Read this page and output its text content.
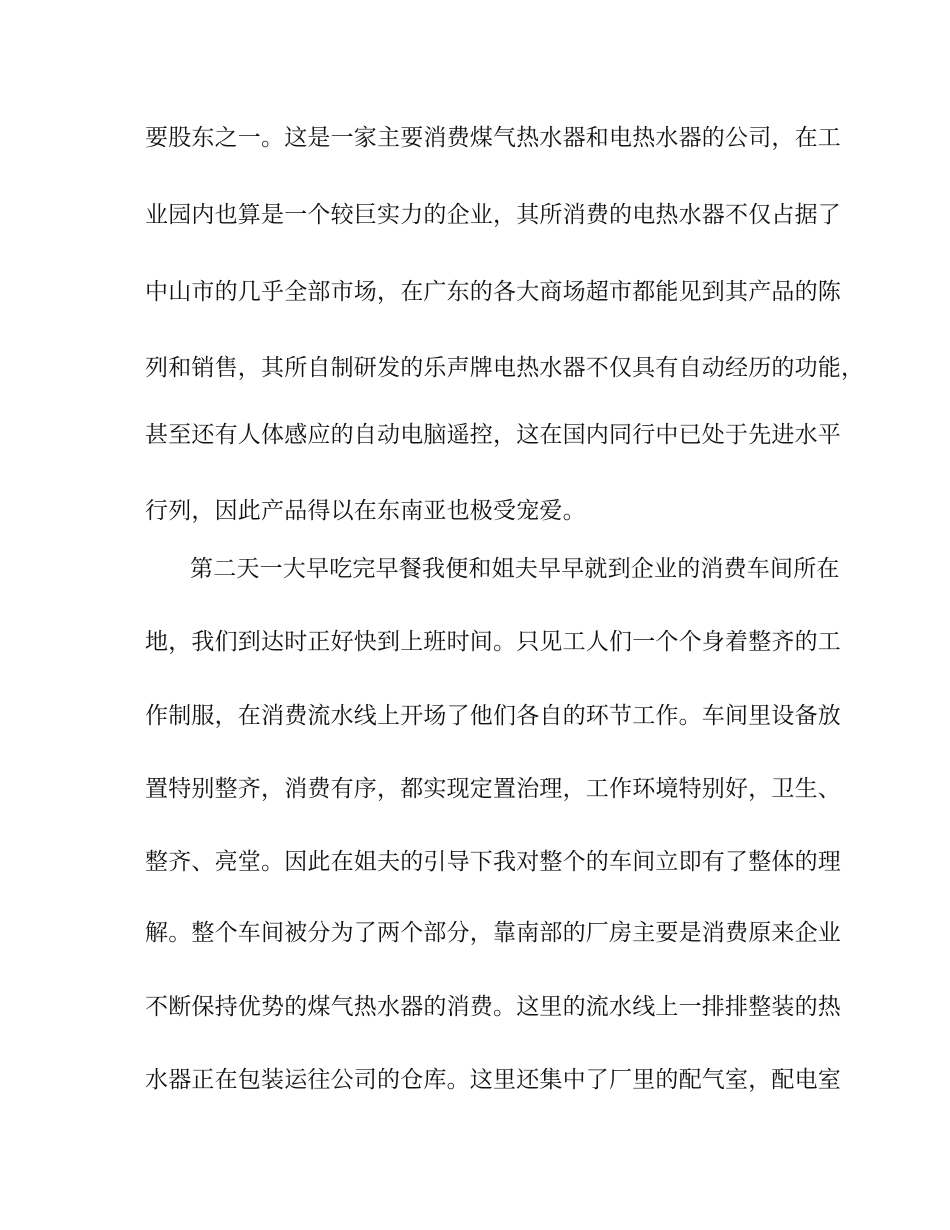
要股东之一。这是一家主要消费煤气热水器和电热水器的公司，在工
业园内也算是一个较巨实力的企业，其所消费的电热水器不仅占据了
中山市的几乎全部市场，在广东的各大商场超市都能见到其产品的陈
列和销售，其所自制研发的乐声牌电热水器不仅具有自动经历的功能，
甚至还有人体感应的自动电脑遥控，这在国内同行中已处于先进水平
行列，因此产品得以在东南亚也极受宠爱。
第二天一大早吃完早餐我便和姐夫早早就到企业的消费车间所在
地，我们到达时正好快到上班时间。只见工人们一个个身着整齐的工
作制服，在消费流水线上开场了他们各自的环节工作。车间里设备放
置特别整齐，消费有序，都实现定置治理，工作环境特别好，卫生、
整齐、亮堂。因此在姐夫的引导下我对整个的车间立即有了整体的理
解。整个车间被分为了两个部分，靠南部的厂房主要是消费原来企业
不断保持优势的煤气热水器的消费。这里的流水线上一排排整装的热
水器正在包装运往公司的仓库。这里还集中了厂里的配气室，配电室
